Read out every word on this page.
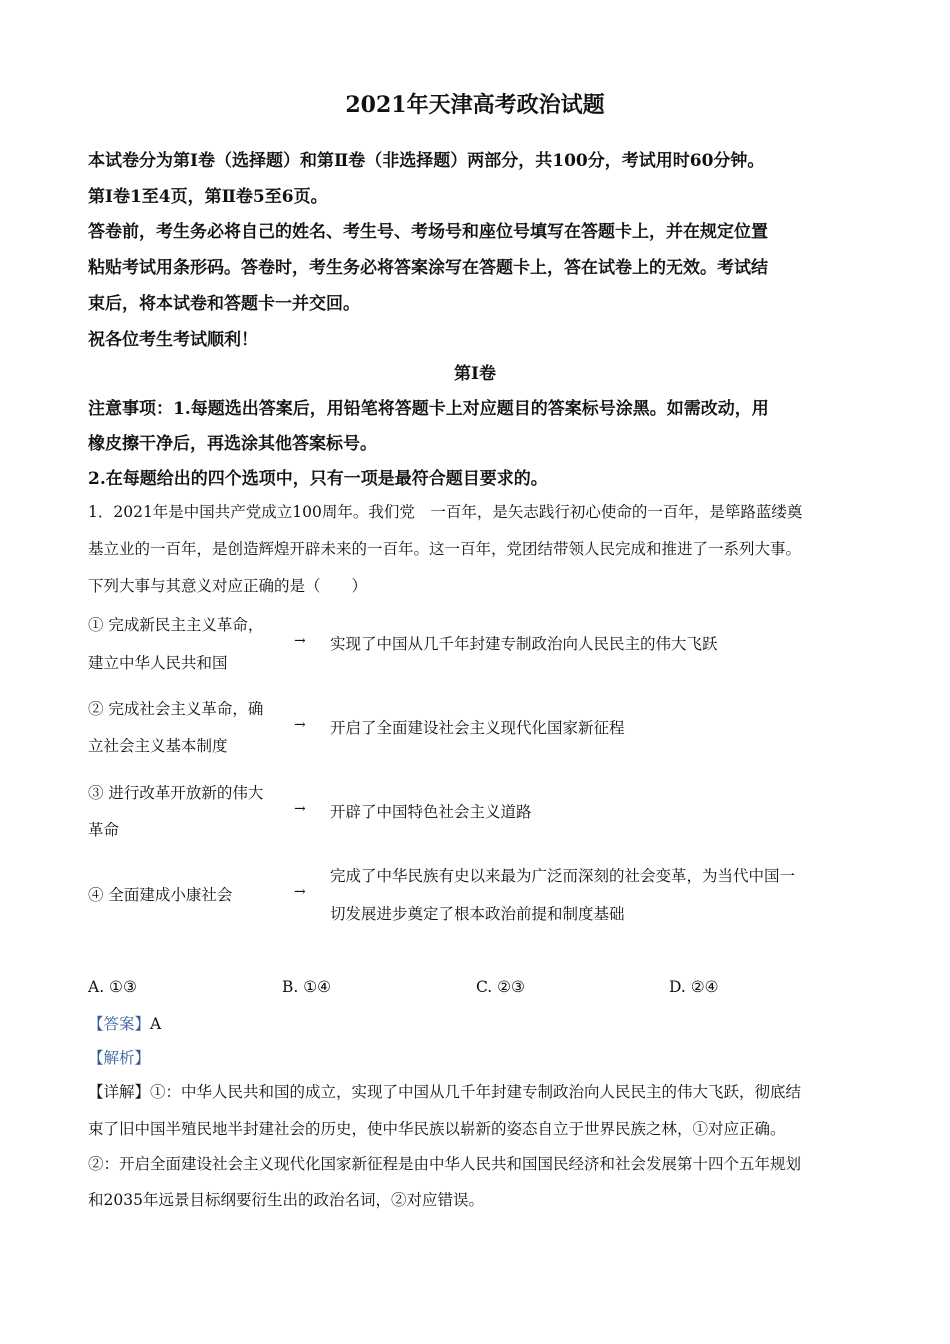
2021年天津高考政治试题
本试卷分为第Ⅰ卷（选择题）和第Ⅱ卷（非选择题）两部分，共100分，考试用时60分钟。
第Ⅰ卷1至4页，第Ⅱ卷5至6页。
答卷前，考生务必将自己的姓名、考生号、考场号和座位号填写在答题卡上，并在规定位置
粘贴考试用条形码。答卷时，考生务必将答案涂写在答题卡上，答在试卷上的无效。考试结
束后，将本试卷和答题卡一并交回。
祝各位考生考试顺利！
第Ⅰ卷
注意事项：1.每题选出答案后，用铅笔将答题卡上对应题目的答案标号涂黑。如需改动，用
橡皮擦干净后，再选涂其他答案标号。
2.在每题给出的四个选项中，只有一项是最符合题目要求的。
1．2021年是中国共产党成立100周年。我们党　一百年，是矢志践行初心使命的一百年，是筚路蓝缕奠
基立业的一百年，是创造辉煌开辟未来的一百年。这一百年，党团结带领人民完成和推进了一系列大事。
下列大事与其意义对应正确的是（　　）
① 完成新民主主义革命，
建立中华人民共和国
→ 实现了中国从几千年封建专制政治向人民民主的伟大飞跃
② 完成社会主义革命，确
立社会主义基本制度
→ 开启了全面建设社会主义现代化国家新征程
③ 进行改革开放新的伟大
革命
→ 开辟了中国特色社会主义道路
④ 全面建成小康社会	→
完成了中华民族有史以来最为广泛而深刻的社会变革，为当代中国一
切发展进步奠定了根本政治前提和制度基础
A. ①③	B. ①④	C. ②③	D. ②④
【答案】A
【解析】
【详解】①：中华人民共和国的成立，实现了中国从几千年封建专制政治向人民民主的伟大飞跃，彻底结
束了旧中国半殖民地半封建社会的历史，使中华民族以崭新的姿态自立于世界民族之林，①对应正确。
②：开启全面建设社会主义现代化国家新征程是由中华人民共和国国民经济和社会发展第十四个五年规划
和2035年远景目标纲要衍生出的政治名词，②对应错误。
